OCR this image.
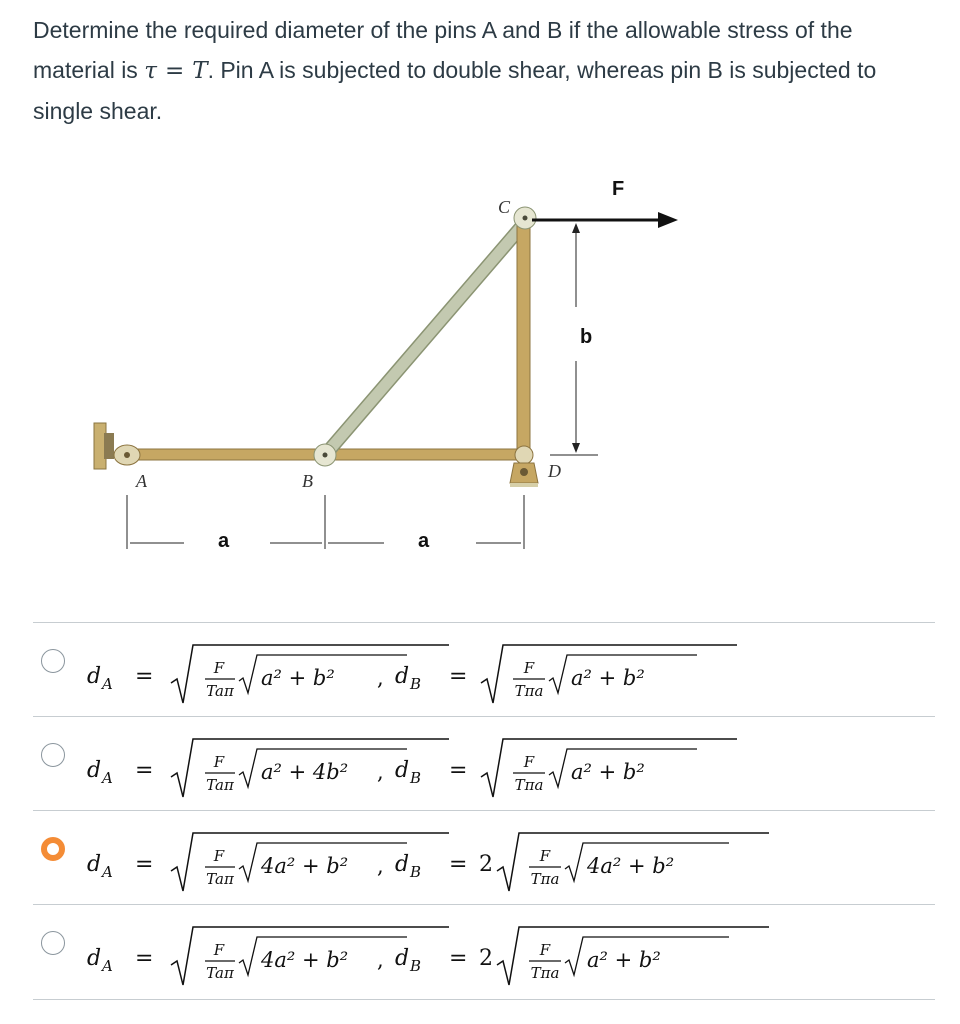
Determine the required diameter of the pins A and B if the allowable stress of the material is τ = T. Pin A is subjected to double shear, whereas pin B is subjected to single shear.
A	B
C
D
F
a	a
b
d A =	F
Taπ
a² + b² , d B =	F
Tπa
a² + b²
d A =	F
Taπ
a² + 4b² , d B =	F
Tπa
a² + b²
d A =	F
Taπ
4a² + b² , d B = 2	F
Tπa
4a² + b²
d A =	F
Taπ
4a² + b² , d B = 2	F
Tπa
a² + b²
